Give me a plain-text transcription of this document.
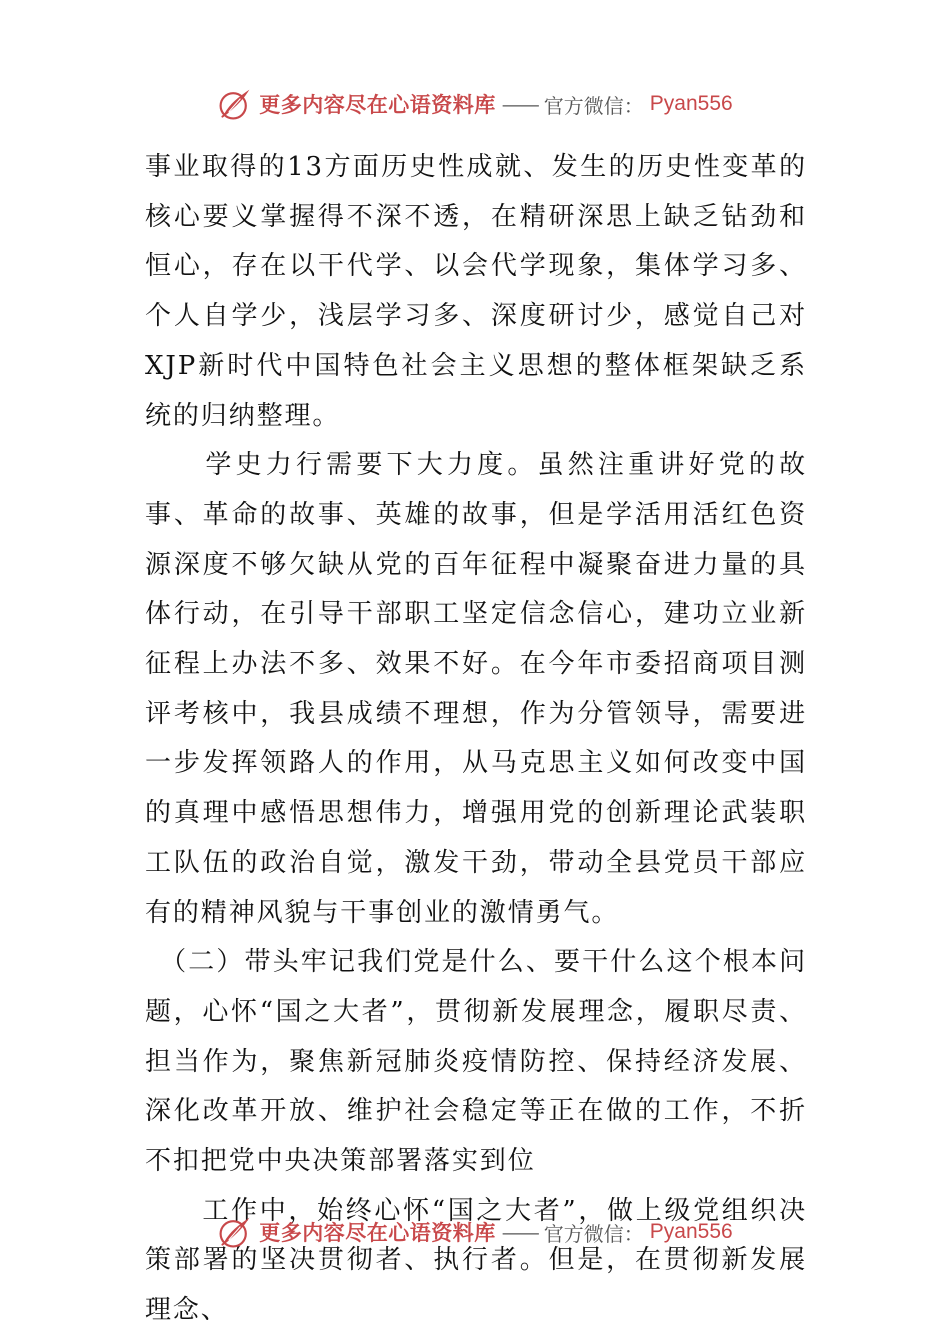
更多内容尽在心语资料库 —— 官方微信： Pyan556

事业取得的13方面历史性成就、发生的历史性变革的核心要义掌握得不深不透，在精研深思上缺乏钻劲和恒心，存在以干代学、以会代学现象，集体学习多、个人自学少，浅层学习多、深度研讨少，感觉自己对XJP新时代中国特色社会主义思想的整体框架缺乏系统的归纳整理。

　　学史力行需要下大力度。虽然注重讲好党的故事、革命的故事、英雄的故事，但是学活用活红色资源深度不够欠缺从党的百年征程中凝聚奋进力量的具体行动，在引导干部职工坚定信念信心，建功立业新征程上办法不多、效果不好。在今年市委招商项目测评考核中，我县成绩不理想，作为分管领导，需要进一步发挥领路人的作用，从马克思主义如何改变中国的真理中感悟思想伟力，增强用党的创新理论武装职工队伍的政治自觉，激发干劲，带动全县党员干部应有的精神风貌与干事创业的激情勇气。

　（二）带头牢记我们党是什么、要干什么这个根本问题，心怀“国之大者”，贯彻新发展理念，履职尽责、担当作为，聚焦新冠肺炎疫情防控、保持经济发展、深化改革开放、维护社会稳定等正在做的工作，不折不扣把党中央决策部署落实到位

　　工作中，始终心怀“国之大者”，做上级党组织决策部署的坚决贯彻者、执行者。但是，在贯彻新发展理念、

更多内容尽在心语资料库 —— 官方微信： Pyan556
